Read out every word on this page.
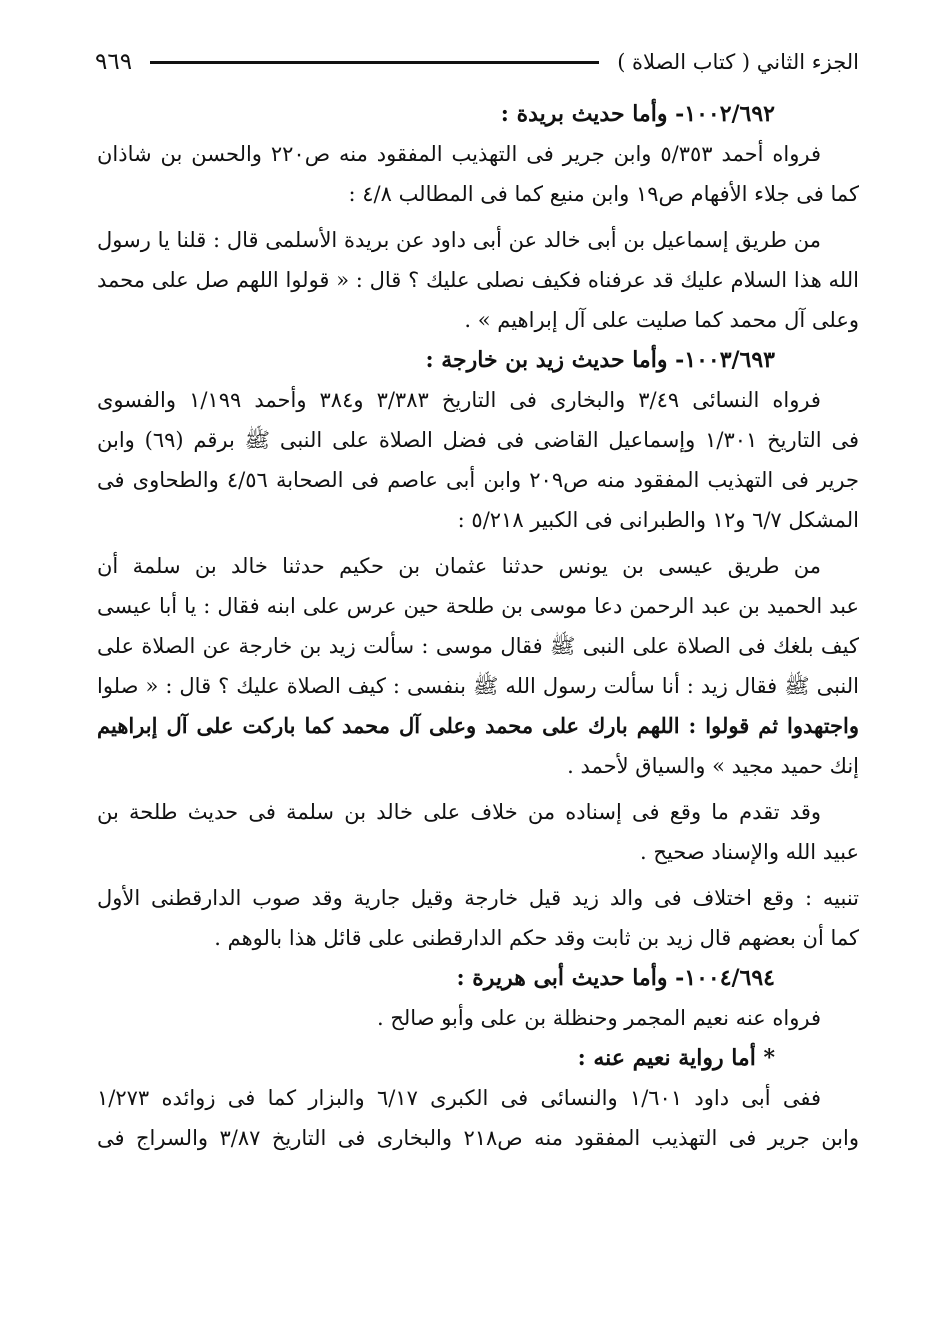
الجزء الثاني ( كتاب الصلاة )
٩٦٩
١٠٠٢/٦٩٢- وأما حديث بريدة :
فرواه أحمد ٥/٣٥٣ وابن جرير فى التهذيب المفقود منه ص٢٢٠ والحسن بن شاذان
كما فى جلاء الأفهام ص١٩ وابن منيع كما فى المطالب ٤/٨ :
من طريق إسماعيل بن أبى خالد عن أبى داود عن بريدة الأسلمى قال : قلنا يا رسول
الله هذا السلام عليك قد عرفناه فكيف نصلى عليك ؟ قال : « قولوا اللهم صل على محمد
وعلى آل محمد كما صليت على آل إبراهيم » .
١٠٠٣/٦٩٣- وأما حديث زيد بن خارجة :
فرواه النسائى ٣/٤٩ والبخارى فى التاريخ ٣/٣٨٣ و٣٨٤ وأحمد ١/١٩٩ والفسوى
فى التاريخ ١/٣٠١ وإسماعيل القاضى فى فضل الصلاة على النبى ﷺ برقم (٦٩) وابن
جرير فى التهذيب المفقود منه ص٢٠٩ وابن أبى عاصم فى الصحابة ٤/٥٦ والطحاوى فى
المشكل ٦/٧ و١٢ والطبرانى فى الكبير ٥/٢١٨ :
من طريق عيسى بن يونس حدثنا عثمان بن حكيم حدثنا خالد بن سلمة أن
عبد الحميد بن عبد الرحمن دعا موسى بن طلحة حين عرس على ابنه فقال : يا أبا عيسى
كيف بلغك فى الصلاة على النبى ﷺ فقال موسى : سألت زيد بن خارجة عن الصلاة على
النبى ﷺ فقال زيد : أنا سألت رسول الله ﷺ بنفسى : كيف الصلاة عليك ؟ قال : « صلوا
واجتهدوا ثم قولوا : اللهم بارك على محمد وعلى آل محمد كما باركت على آل إبراهيم
إنك حميد مجيد » والسياق لأحمد .
وقد تقدم ما وقع فى إسناده من خلاف على خالد بن سلمة فى حديث طلحة بن
عبيد الله والإسناد صحيح .
تنبيه : وقع اختلاف فى والد زيد قيل خارجة وقيل جارية وقد صوب الدارقطنى الأول
كما أن بعضهم قال زيد بن ثابت وقد حكم الدارقطنى على قائل هذا بالوهم .
١٠٠٤/٦٩٤- وأما حديث أبى هريرة :
فرواه عنه نعيم المجمر وحنظلة بن على وأبو صالح .
* أما رواية نعيم عنه :
ففى أبى داود ١/٦٠١ والنسائى فى الكبرى ٦/١٧ والبزار كما فى زوائده ١/٢٧٣
وابن جرير فى التهذيب المفقود منه ص٢١٨ والبخارى فى التاريخ ٣/٨٧ والسراج فى
